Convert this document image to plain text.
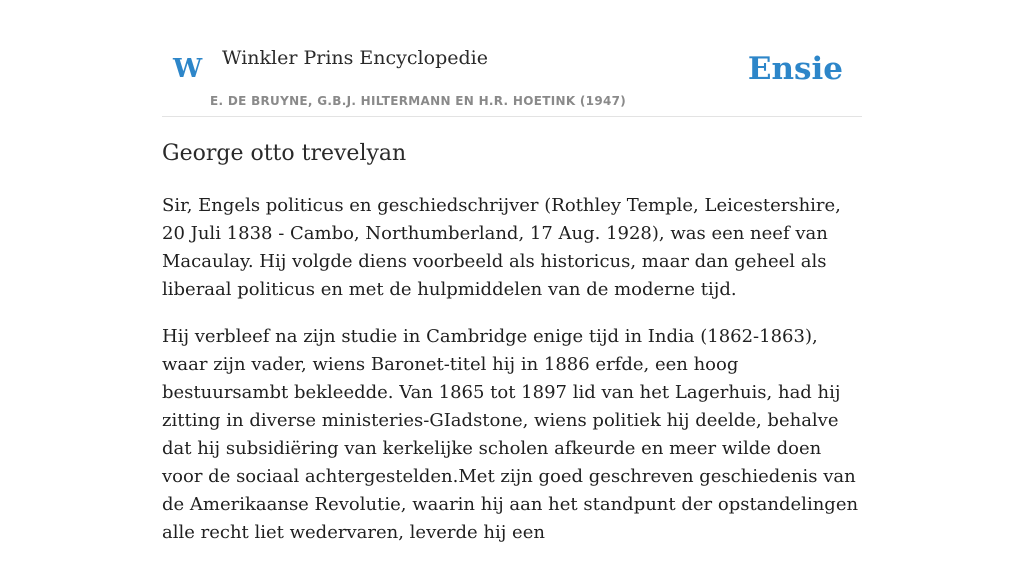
W Winkler Prins Encyclopedie
E. DE BRUYNE, G.B.J. HILTERMANN EN H.R. HOETINK (1947)
Ensie
George otto trevelyan

Sir, Engels politicus en geschiedschrijver (Rothley Temple, Leicestershire, 20 Juli 1838 - Cambo, Northumberland, 17 Aug. 1928), was een neef van Macaulay. Hij volgde diens voorbeeld als historicus, maar dan geheel als liberaal politicus en met de hulpmiddelen van de moderne tijd.

Hij verbleef na zijn studie in Cambridge enige tijd in India (1862-1863), waar zijn vader, wiens Baronet-titel hij in 1886 erfde, een hoog bestuursambt bekleedde. Van 1865 tot 1897 lid van het Lagerhuis, had hij zitting in diverse ministeries-GIadstone, wiens politiek hij deelde, behalve dat hij subsidiëring van kerkelijke scholen afkeurde en meer wilde doen voor de sociaal achtergestelden.Met zijn goed geschreven geschiedenis van de Amerikaanse Revolutie, waarin hij aan het standpunt der opstandelingen alle recht liet wedervaren, leverde hij een
